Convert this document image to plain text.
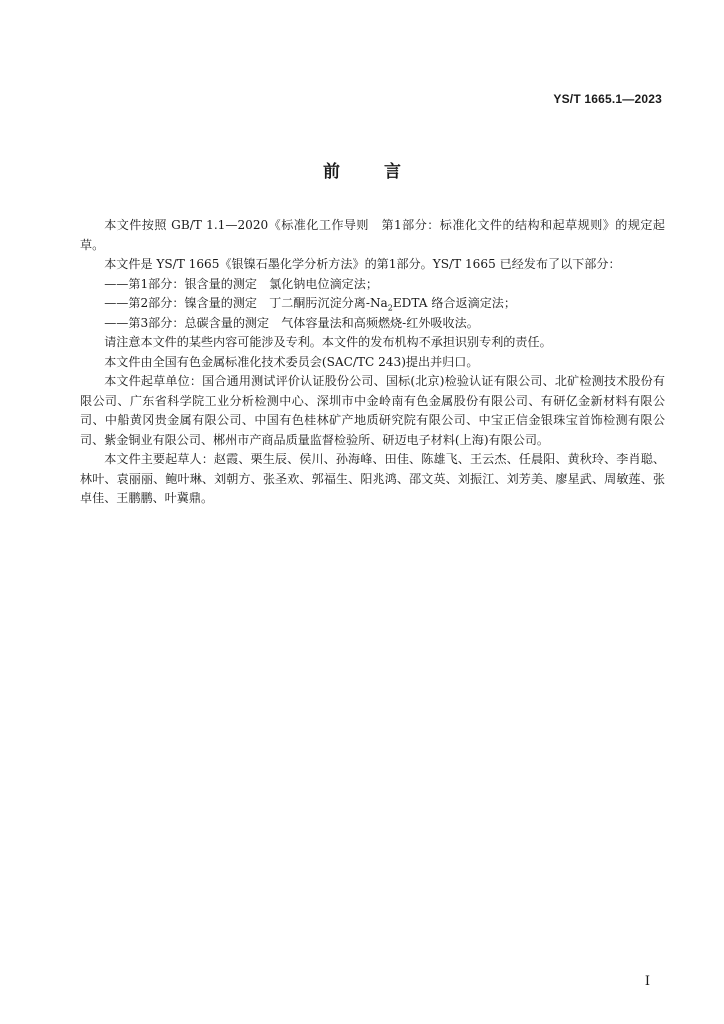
YS/T 1665.1—2023
前 言

本文件按照 GB/T 1.1—2020《标准化工作导则　第1部分：标准化文件的结构和起草规则》的规定起草。

本文件是 YS/T 1665《银镍石墨化学分析方法》的第1部分。YS/T 1665 已经发布了以下部分：

——第1部分：银含量的测定　氯化钠电位滴定法；

——第2部分：镍含量的测定　丁二酮肟沉淀分离$-Na_2EDTA$ 络合返滴定法；

——第3部分：总碳含量的测定　气体容量法和高频燃烧-红外吸收法。

请注意本文件的某些内容可能涉及专利。本文件的发布机构不承担识别专利的责任。

本文件由全国有色金属标准化技术委员会(SAC/TC 243)提出并归口。

本文件起草单位：国合通用测试评价认证股份公司、国标(北京)检验认证有限公司、北矿检测技术股份有限公司、广东省科学院工业分析检测中心、深圳市中金岭南有色金属股份有限公司、有研亿金新材料有限公司、中船黄冈贵金属有限公司、中国有色桂林矿产地质研究院有限公司、中宝正信金银珠宝首饰检测有限公司、紫金铜业有限公司、郴州市产商品质量监督检验所、研迈电子材料(上海)有限公司。

本文件主要起草人：赵霞、栗生辰、侯川、孙海峰、田佳、陈雄飞、王云杰、任晨阳、黄秋玲、李肖聪、林叶、袁丽丽、鲍叶琳、刘朝方、张圣欢、郭福生、阳兆鸿、邵文英、刘振江、刘芳美、廖星武、周敏莲、张卓佳、王鹏鹏、叶冀鼎。

I
